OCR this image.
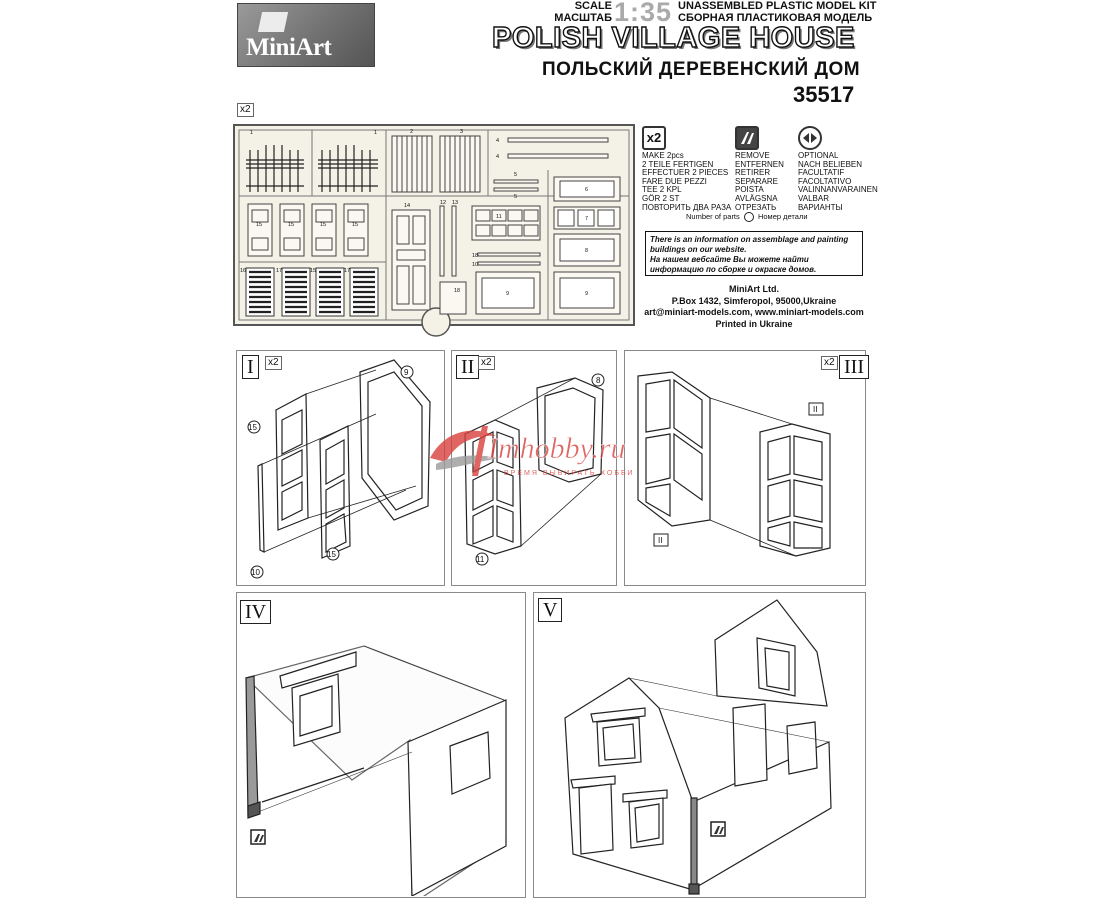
MiniArt
SCALE
МАСШТАБ 1:35 UNASSEMBLED PLASTIC MODEL KIT
СБОРНАЯ ПЛАСТИКОВАЯ МОДЕЛЬ
POLISH VILLAGE HOUSE
ПОЛЬСКИЙ ДЕРЕВЕНСКИЙ ДОМ
35517
x2
1	1	2	3
4
4
5
5
6
7
8
9
9
11
12 13
14
15	15	15	15
16	17	15	17
18
10
18
x2
MAKE 2pcs
2 TEILE FERTIGEN
EFFECTUER 2 PIECES
FARE DUE PEZZI
TEE 2 KPL
GÖR 2 ST
ПОВТОРИТЬ ДВА РАЗА
REMOVE
ENTFERNEN
RETIRER
SEPARARE
POISTA
AVLÄGSNA
ОТРЕЗАТЬ
OPTIONAL
NACH BELIEBEN
FACULTATIF
FACOLTATIVO
VALINNANVARAINEN
VALBAR
ВАРИАНТЫ
Number of parts Номер детали
There is an information on assemblage and painting buildings on our website.
На нашем вебсайте Вы можете найти информацию по сборке и окраске домов.
MiniArt Ltd.
P.Box 1432, Simferopol, 95000,Ukraine
art@miniart-models.com, www.miniart-models.com
Printed in Ukraine
I	x2	II x2	x2 III
IV	V
9
15
15
10
8
11
II
II
Imhobby.ru
ВРЕМЯ ВЫБИРАТЬ ХОББИ
